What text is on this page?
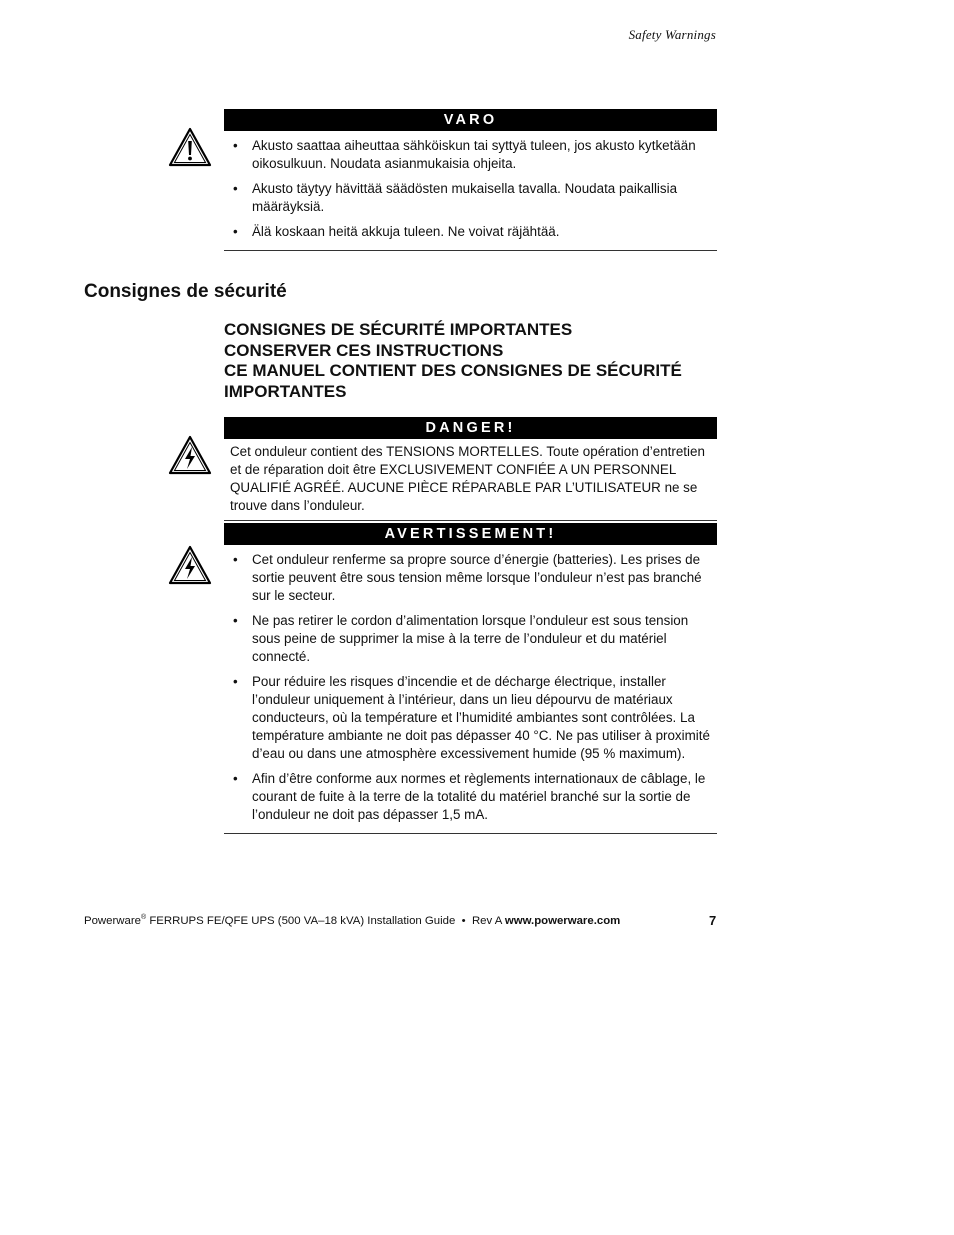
Safety Warnings
VARO
• Akusto saattaa aiheuttaa sähköiskun tai syttyä tuleen, jos akusto kytketään oikosulkuun. Noudata asianmukaisia ohjeita.
• Akusto täytyy hävittää säädösten mukaisella tavalla. Noudata paikallisia määräyksiä.
• Älä koskaan heitä akkuja tuleen. Ne voivat räjähtää.
Consignes de sécurité
CONSIGNES DE SÉCURITÉ IMPORTANTES
CONSERVER CES INSTRUCTIONS
CE MANUEL CONTIENT DES CONSIGNES DE SÉCURITÉ
IMPORTANTES
DANGER!

Cet onduleur contient des TENSIONS MORTELLES. Toute opération d’entretien et de réparation doit être EXCLUSIVEMENT CONFIÉE A UN PERSONNEL QUALIFIÉ AGRÉÉ. AUCUNE PIÈCE RÉPARABLE PAR L’UTILISATEUR ne se trouve dans l’onduleur.

AVERTISSEMENT!
• Cet onduleur renferme sa propre source d’énergie (batteries). Les prises de sortie peuvent être sous tension même lorsque l’onduleur n’est pas branché sur le secteur.
• Ne pas retirer le cordon d’alimentation lorsque l’onduleur est sous tension sous peine de supprimer la mise à la terre de l’onduleur et du matériel connecté.
• Pour réduire les risques d’incendie et de décharge électrique, installer l’onduleur uniquement à l’intérieur, dans un lieu dépourvu de matériaux conducteurs, où la température et l’humidité ambiantes sont contrôlées. La température ambiante ne doit pas dépasser 40 °C. Ne pas utiliser à proximité d’eau ou dans une atmosphère excessivement humide (95 % maximum).
• Afin d’être conforme aux normes et règlements internationaux de câblage, le courant de fuite à la terre de la totalité du matériel branché sur la sortie de l’onduleur ne doit pas dépasser 1,5 mA.
Powerware® FERRUPS FE/QFE UPS (500 VA–18 kVA) Installation Guide  •  Rev A www.powerware.com	7
